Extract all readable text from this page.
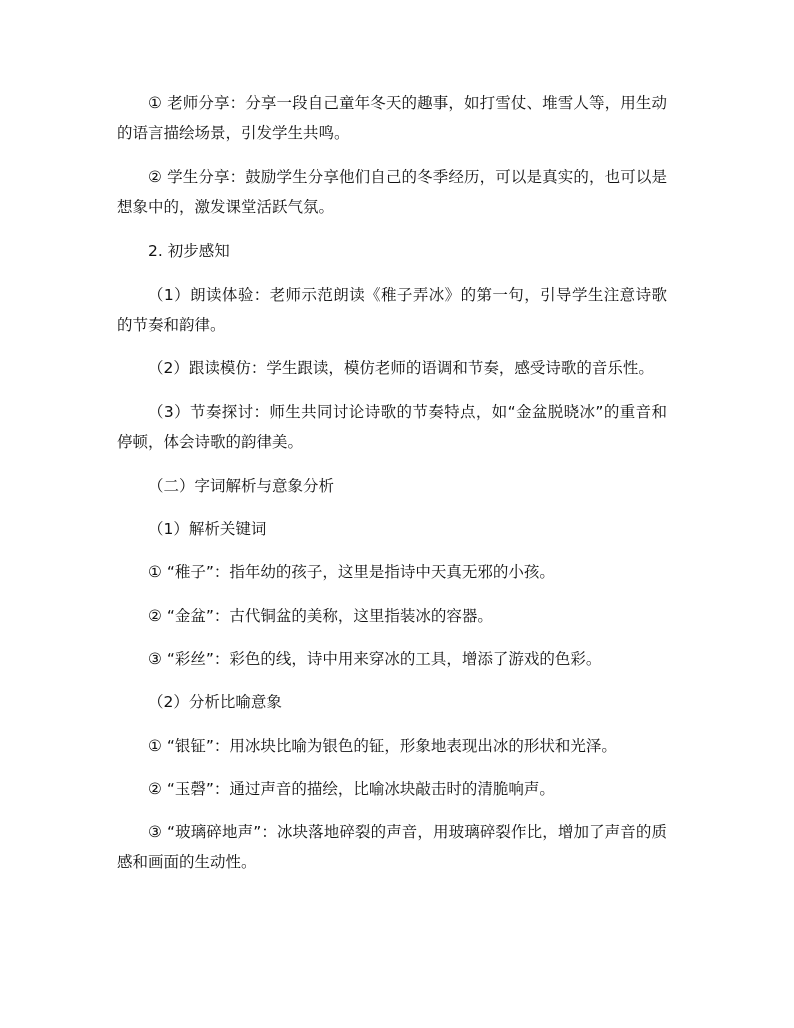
① 老师分享：分享一段自己童年冬天的趣事，如打雪仗、堆雪人等，用生动的语言描绘场景，引发学生共鸣。

② 学生分享：鼓励学生分享他们自己的冬季经历，可以是真实的，也可以是想象中的，激发课堂活跃气氛。

2. 初步感知

（1）朗读体验：老师示范朗读《稚子弄冰》的第一句，引导学生注意诗歌的节奏和韵律。

（2）跟读模仿：学生跟读，模仿老师的语调和节奏，感受诗歌的音乐性。

（3）节奏探讨：师生共同讨论诗歌的节奏特点，如“金盆脱晓冰”的重音和停顿，体会诗歌的韵律美。

（二）字词解析与意象分析

（1）解析关键词

① “稚子”：指年幼的孩子，这里是指诗中天真无邪的小孩。

② “金盆”：古代铜盆的美称，这里指装冰的容器。

③ “彩丝”：彩色的线，诗中用来穿冰的工具，增添了游戏的色彩。

（2）分析比喻意象

① “银钲”：用冰块比喻为银色的钲，形象地表现出冰的形状和光泽。

② “玉磬”：通过声音的描绘，比喻冰块敲击时的清脆响声。

③ “玻璃碎地声”：冰块落地碎裂的声音，用玻璃碎裂作比，增加了声音的质感和画面的生动性。
